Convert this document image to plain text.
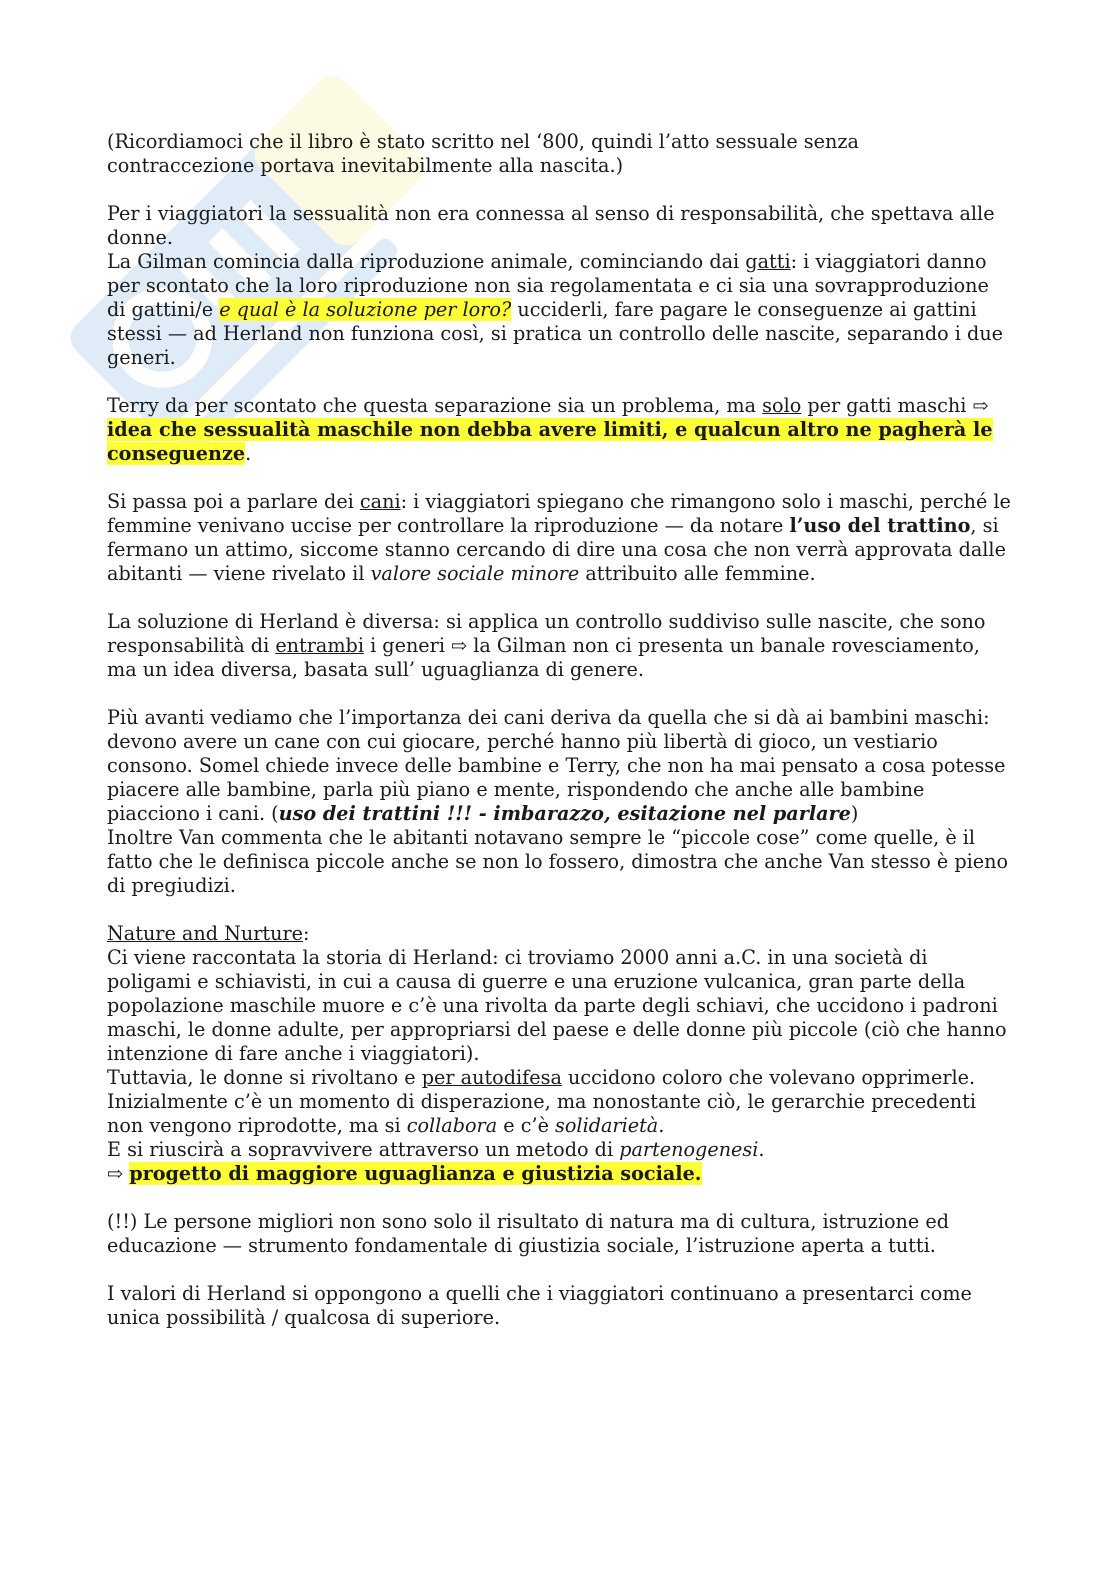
(Ricordiamoci che il libro è stato scritto nel ‘800, quindi l’atto sessuale senza contraccezione portava inevitabilmente alla nascita.)

Per i viaggiatori la sessualità non era connessa al senso di responsabilità, che spettava alle donne.
La Gilman comincia dalla riproduzione animale, cominciando dai gatti: i viaggiatori danno per scontato che la loro riproduzione non sia regolamentata e ci sia una sovrapproduzione di gattini/e e qual è la soluzione per loro? ucciderli, fare pagare le conseguenze ai gattini stessi — ad Herland non funziona così, si pratica un controllo delle nascite, separando i due generi.

Terry da per scontato che questa separazione sia un problema, ma solo per gatti maschi ⇨ idea che sessualità maschile non debba avere limiti, e qualcun altro ne pagherà le conseguenze.

Si passa poi a parlare dei cani: i viaggiatori spiegano che rimangono solo i maschi, perché le femmine venivano uccise per controllare la riproduzione — da notare l’uso del trattino, si fermano un attimo, siccome stanno cercando di dire una cosa che non verrà approvata dalle abitanti — viene rivelato il valore sociale minore attribuito alle femmine.

La soluzione di Herland è diversa: si applica un controllo suddiviso sulle nascite, che sono responsabilità di entrambi i generi ⇨ la Gilman non ci presenta un banale rovesciamento, ma un idea diversa, basata sull’ uguaglianza di genere.

Più avanti vediamo che l’importanza dei cani deriva da quella che si dà ai bambini maschi: devono avere un cane con cui giocare, perché hanno più libertà di gioco, un vestiario consono. Somel chiede invece delle bambine e Terry, che non ha mai pensato a cosa potesse piacere alle bambine, parla più piano e mente, rispondendo che anche alle bambine piacciono i cani. (uso dei trattini !!! - imbarazzo, esitazione nel parlare)
Inoltre Van commenta che le abitanti notavano sempre le “piccole cose” come quelle, è il fatto che le definisca piccole anche se non lo fossero, dimostra che anche Van stesso è pieno di pregiudizi.

Nature and Nurture:
Ci viene raccontata la storia di Herland: ci troviamo 2000 anni a.C. in una società di poligami e schiavisti, in cui a causa di guerre e una eruzione vulcanica, gran parte della popolazione maschile muore e c’è una rivolta da parte degli schiavi, che uccidono i padroni maschi, le donne adulte, per appropriarsi del paese e delle donne più piccole (ciò che hanno intenzione di fare anche i viaggiatori).
Tuttavia, le donne si rivoltano e per autodifesa uccidono coloro che volevano opprimerle.
Inizialmente c’è un momento di disperazione, ma nonostante ciò, le gerarchie precedenti non vengono riprodotte, ma si collabora e c’è solidarietà.
E si riuscirà a sopravvivere attraverso un metodo di partenogenesi.
⇨ progetto di maggiore uguaglianza e giustizia sociale.

(!!) Le persone migliori non sono solo il risultato di natura ma di cultura, istruzione ed educazione — strumento fondamentale di giustizia sociale, l’istruzione aperta a tutti.

I valori di Herland si oppongono a quelli che i viaggiatori continuano a presentarci come unica possibilità / qualcosa di superiore.
